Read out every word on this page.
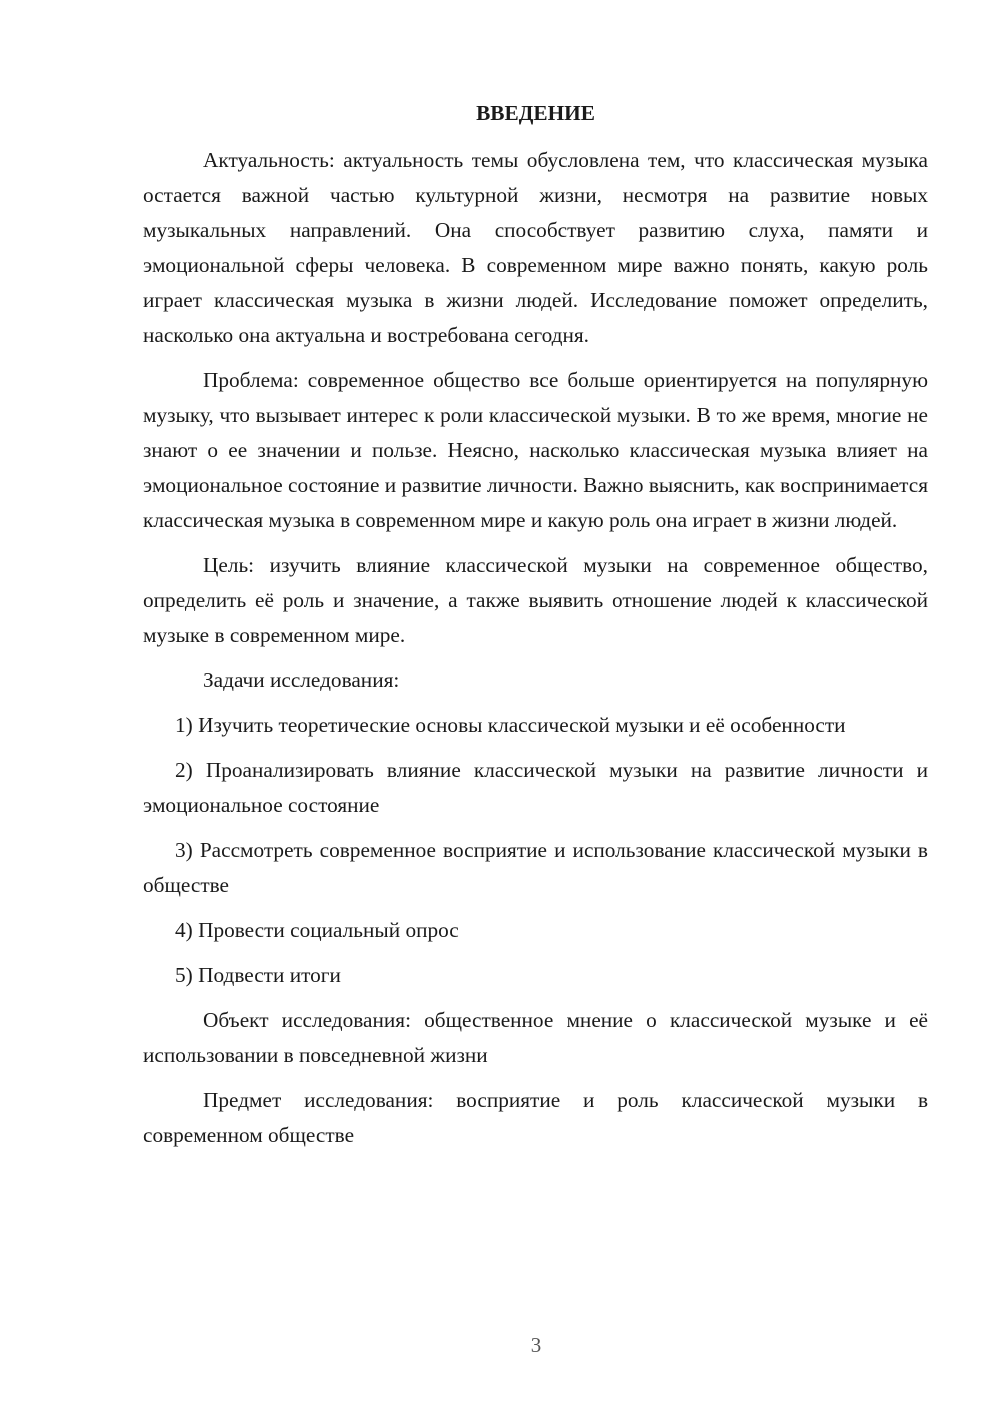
ВВЕДЕНИЕ

Актуальность: актуальность темы обусловлена тем, что классическая музыка остается важной частью культурной жизни, несмотря на развитие новых музыкальных направлений. Она способствует развитию слуха, памяти и эмоциональной сферы человека. В современном мире важно понять, какую роль играет классическая музыка в жизни людей. Исследование поможет определить, насколько она актуальна и востребована сегодня.

Проблема: современное общество все больше ориентируется на популярную музыку, что вызывает интерес к роли классической музыки. В то же время, многие не знают о ее значении и пользе. Неясно, насколько классическая музыка влияет на эмоциональное состояние и развитие личности. Важно выяснить, как воспринимается классическая музыка в современном мире и какую роль она играет в жизни людей.

Цель: изучить влияние классической музыки на современное общество, определить её роль и значение, а также выявить отношение людей к классической музыке в современном мире.

Задачи исследования:

1) Изучить теоретические основы классической музыки и её особенности

2) Проанализировать влияние классической музыки на развитие личности и эмоциональное состояние

3) Рассмотреть современное восприятие и использование классической музыки в обществе

4) Провести социальный опрос

5) Подвести итоги

Объект исследования: общественное мнение о классической музыке и её использовании в повседневной жизни

Предмет исследования: восприятие и роль классической музыки в современном обществе

3
